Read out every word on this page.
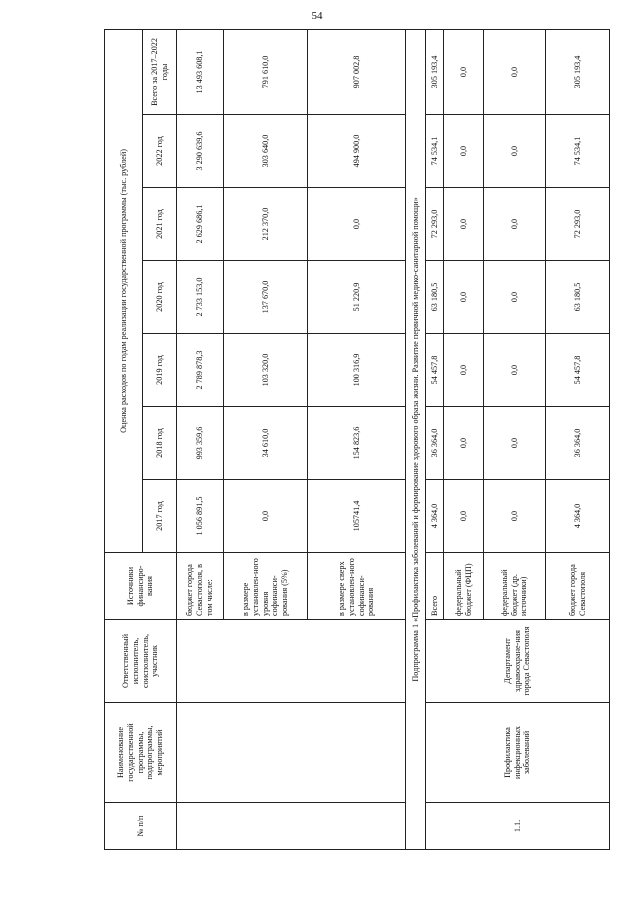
54
№ п/п	Наименование государственной программы, подпрограммы, мероприятий	Ответственный исполнитель, соисполнитель, участник	Источники финансиро-вания	Оценка расходов по годам реализации государственной программы (тыс. рублей)						
				2017 год	2018 год	2019 год	2020 год	2021 год	2022 год	Всего за 2017–2022 годы
			бюджет города Севастополя, в том числе:	1 056 891,5	993 359,6	2 789 878,3	2 733 153,0	2 629 686,1	3 290 639,6	13 493 608,1
			в размере установлен-ного уровня софинанси-рования (5%)	0,0	34 610,0	103 320,0	137 670,0	212 370,0	303 640,0	791 610,0
			в размере сверх установлен-ного софинанси-рования	105741,4	154 823,6	100 316,9	51 220,9	0,0	494 900,0	907 002,8
Подпрограмма 1 «Профилактика заболеваний и формирование здорового образа жизни. Развитие первичной медико-санитарной помощи»										
1.1.	Профилактика инфекционных заболеваний	Департамент здравоохране-ния города Севастополя	Всего	4 364,0	36 364,0	54 457,8	63 180,5	72 293,0	74 534,1	305 193,4
			федеральный бюджет (ФЦП)	0,0	0,0	0,0	0,0	0,0	0,0	0,0
			федеральный бюджет (др. источники)	0,0	0,0	0,0	0,0	0,0	0,0	0,0
			бюджет города Севастополя	4 364,0	36 364,0	54 457,8	63 180,5	72 293,0	74 534,1	305 193,4
